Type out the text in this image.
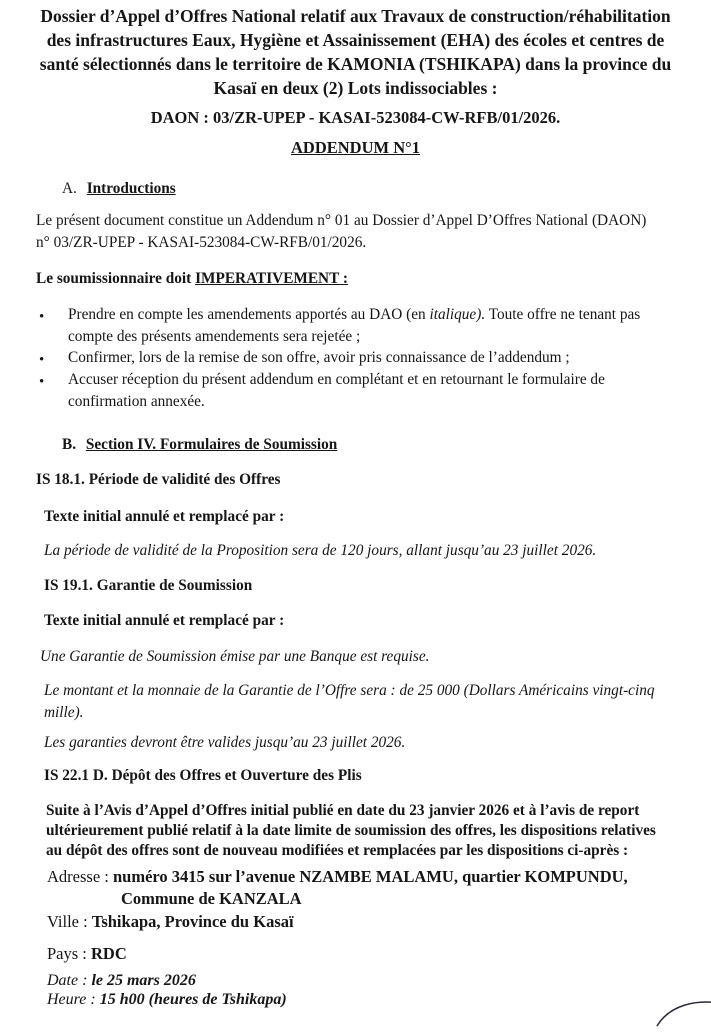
Dossier d’Appel d’Offres National relatif aux Travaux de construction/réhabilitation
des infrastructures Eaux, Hygiène et Assainissement (EHA) des écoles et centres de
santé sélectionnés dans le territoire de KAMONIA (TSHIKAPA) dans la province du
Kasaï en deux (2) Lots indissociables :
DAON : 03/ZR-UPEP - KASAI-523084-CW-RFB/01/2026.
ADDENDUM N°1
A. Introductions
Le présent document constitue un Addendum n° 01 au Dossier d’Appel D’Offres National (DAON)
n° 03/ZR-UPEP - KASAI-523084-CW-RFB/01/2026.
Le soumissionnaire doit IMPERATIVEMENT :
• Prendre en compte les amendements apportés au DAO (en italique). Toute offre ne tenant pas
compte des présents amendements sera rejetée ;
• Confirmer, lors de la remise de son offre, avoir pris connaissance de l’addendum ;
• Accuser réception du présent addendum en complétant et en retournant le formulaire de
confirmation annexée.
B. Section IV. Formulaires de Soumission
IS 18.1. Période de validité des Offres
Texte initial annulé et remplacé par :
La période de validité de la Proposition sera de 120 jours, allant jusqu’au 23 juillet 2026.
IS 19.1. Garantie de Soumission
Texte initial annulé et remplacé par :
Une Garantie de Soumission émise par une Banque est requise.
Le montant et la monnaie de la Garantie de l’Offre sera : de 25 000 (Dollars Américains vingt-cinq
mille).
Les garanties devront être valides jusqu’au 23 juillet 2026.
IS 22.1 D. Dépôt des Offres et Ouverture des Plis
Suite à l’Avis d’Appel d’Offres initial publié en date du 23 janvier 2026 et à l’avis de report
ultérieurement publié relatif à la date limite de soumission des offres, les dispositions relatives
au dépôt des offres sont de nouveau modifiées et remplacées par les dispositions ci-après :
Adresse : numéro 3415 sur l’avenue NZAMBE MALAMU, quartier KOMPUNDU,
Commune de KANZALA
Ville : Tshikapa, Province du Kasaï
Pays : RDC
Date : le 25 mars 2026
Heure : 15 h00 (heures de Tshikapa)
